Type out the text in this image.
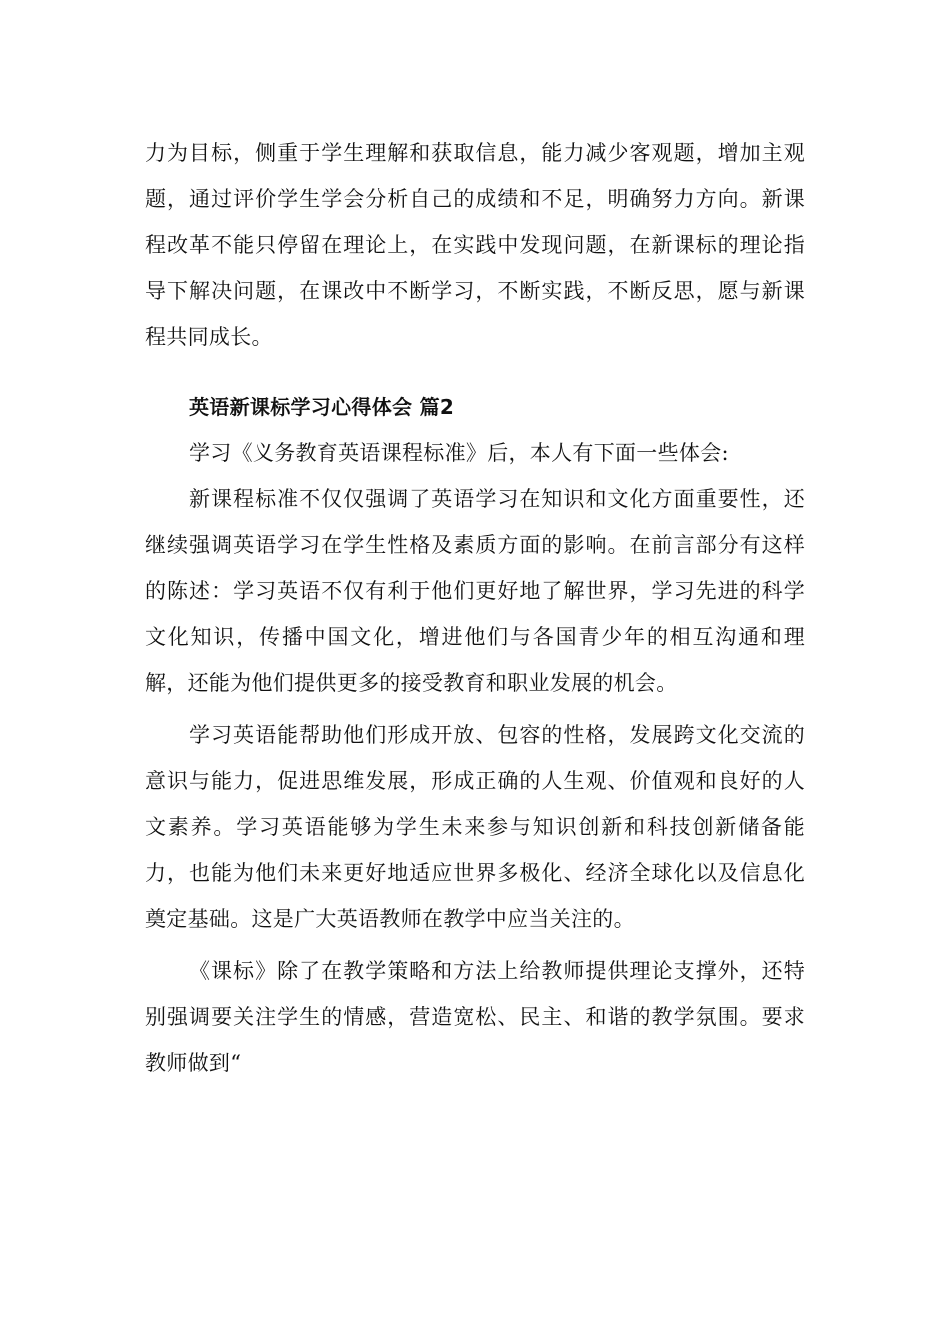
力为目标，侧重于学生理解和获取信息，能力减少客观题，增加主观题，通过评价学生学会分析自己的成绩和不足，明确努力方向。新课程改革不能只停留在理论上，在实践中发现问题，在新课标的理论指导下解决问题，在课改中不断学习，不断实践，不断反思，愿与新课程共同成长。

英语新课标学习心得体会 篇2

学习《义务教育英语课程标准》后，本人有下面一些体会:

新课程标准不仅仅强调了英语学习在知识和文化方面重要性，还继续强调英语学习在学生性格及素质方面的影响。在前言部分有这样的陈述：学习英语不仅有利于他们更好地了解世界，学习先进的科学文化知识，传播中国文化，增进他们与各国青少年的相互沟通和理解，还能为他们提供更多的接受教育和职业发展的机会。

学习英语能帮助他们形成开放、包容的性格，发展跨文化交流的意识与能力，促进思维发展，形成正确的人生观、价值观和良好的人文素养。学习英语能够为学生未来参与知识创新和科技创新储备能力，也能为他们未来更好地适应世界多极化、经济全球化以及信息化奠定基础。这是广大英语教师在教学中应当关注的。

《课标》除了在教学策略和方法上给教师提供理论支撑外，还特别强调要关注学生的情感，营造宽松、民主、和谐的教学氛围。要求教师做到“
